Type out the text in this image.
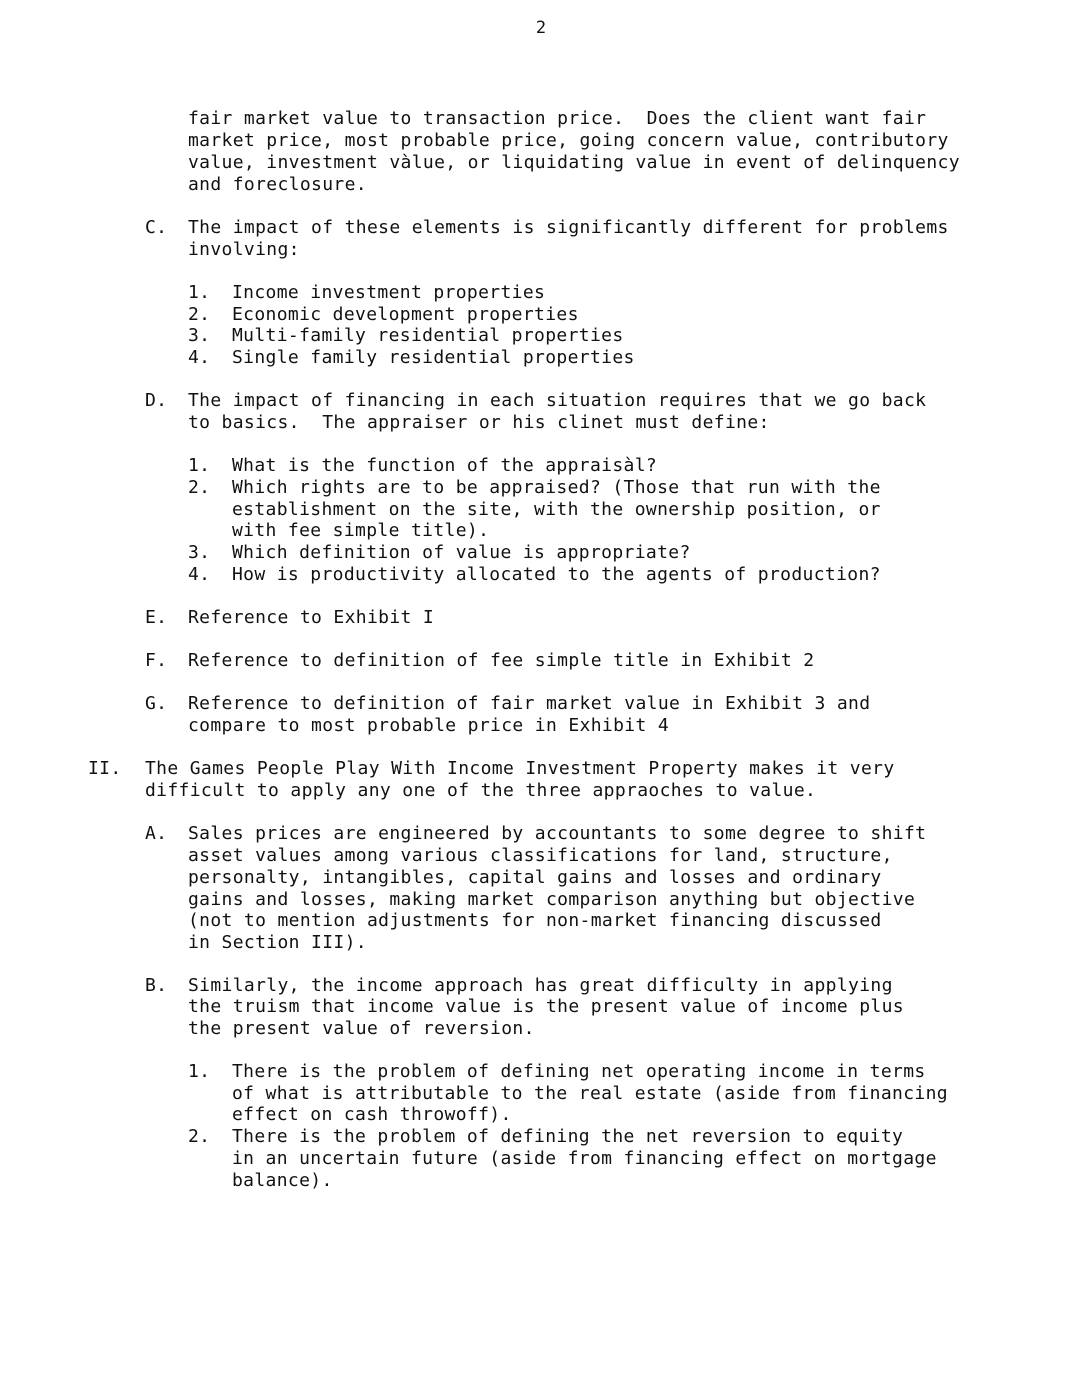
2
fair market value to transaction price.  Does the client want fair
market price, most probable price, going concern value, contributory
value, investment vàlue, or liquidating value in event of delinquency
and foreclosure.
C. The impact of these elements is significantly different for problems
involving:
1. Income investment properties
2. Economic development properties
3. Multi-family residential properties
4. Single family residential properties
D. The impact of financing in each situation requires that we go back
to basics.  The appraiser or his clinet must define:
1. What is the function of the appraisàl?
2. Which rights are to be appraised? (Those that run with the
establishment on the site, with the ownership position, or
with fee simple title).
3. Which definition of value is appropriate?
4. How is productivity allocated to the agents of production?
E. Reference to Exhibit I
F. Reference to definition of fee simple title in Exhibit 2
G. Reference to definition of fair market value in Exhibit 3 and
compare to most probable price in Exhibit 4
II. The Games People Play With Income Investment Property makes it very
difficult to apply any one of the three appraoches to value.
A. Sales prices are engineered by accountants to some degree to shift
asset values among various classifications for land, structure,
personalty, intangibles, capital gains and losses and ordinary
gains and losses, making market comparison anything but objective
(not to mention adjustments for non-market financing discussed
in Section III).
B. Similarly, the income approach has great difficulty in applying
the truism that income value is the present value of income plus
the present value of reversion.
1. There is the problem of defining net operating income in terms
of what is attributable to the real estate (aside from financing
effect on cash throwoff).
2. There is the problem of defining the net reversion to equity
in an uncertain future (aside from financing effect on mortgage
balance).
